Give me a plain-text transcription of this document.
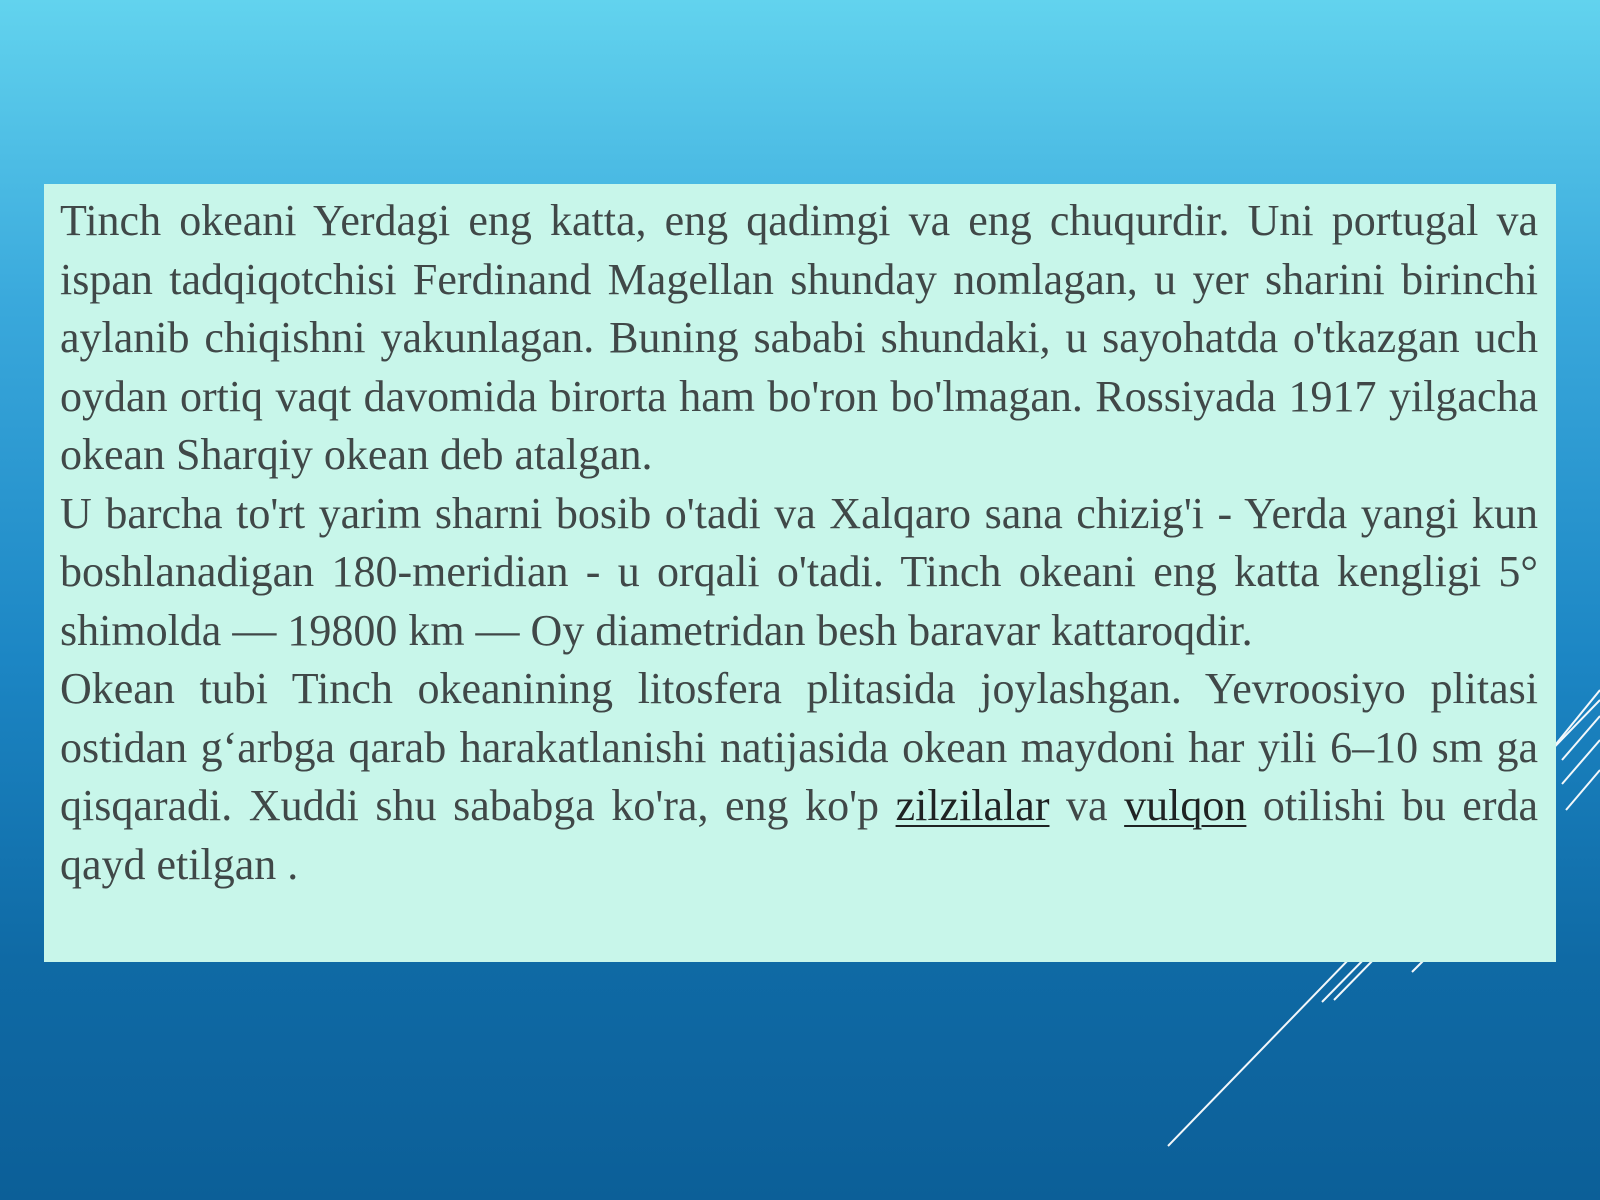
Tinch okeani Yerdagi eng katta, eng qadimgi va eng chuqurdir. Uni portugal va ispan tadqiqotchisi Ferdinand Magellan shunday nomlagan, u yer sharini birinchi aylanib chiqishni yakunlagan. Buning sababi shundaki, u sayohatda o'tkazgan uch oydan ortiq vaqt davomida birorta ham bo'ron bo'lmagan. Rossiyada 1917 yilgacha okean Sharqiy okean deb atalgan.

U barcha to'rt yarim sharni bosib o'tadi va Xalqaro sana chizig'i - Yerda yangi kun boshlanadigan 180-meridian - u orqali o'tadi. Tinch okeani eng katta kengligi 5° shimolda — 19800 km — Oy diametridan besh baravar kattaroqdir.

Okean tubi Tinch okeanining litosfera plitasida joylashgan. Yevroosiyo plitasi ostidan g‘arbga qarab harakatlanishi natijasida okean maydoni har yili 6–10 sm ga qisqaradi. Xuddi shu sababga ko'ra, eng ko'p zilzilalar va vulqon otilishi bu erda qayd etilgan .
